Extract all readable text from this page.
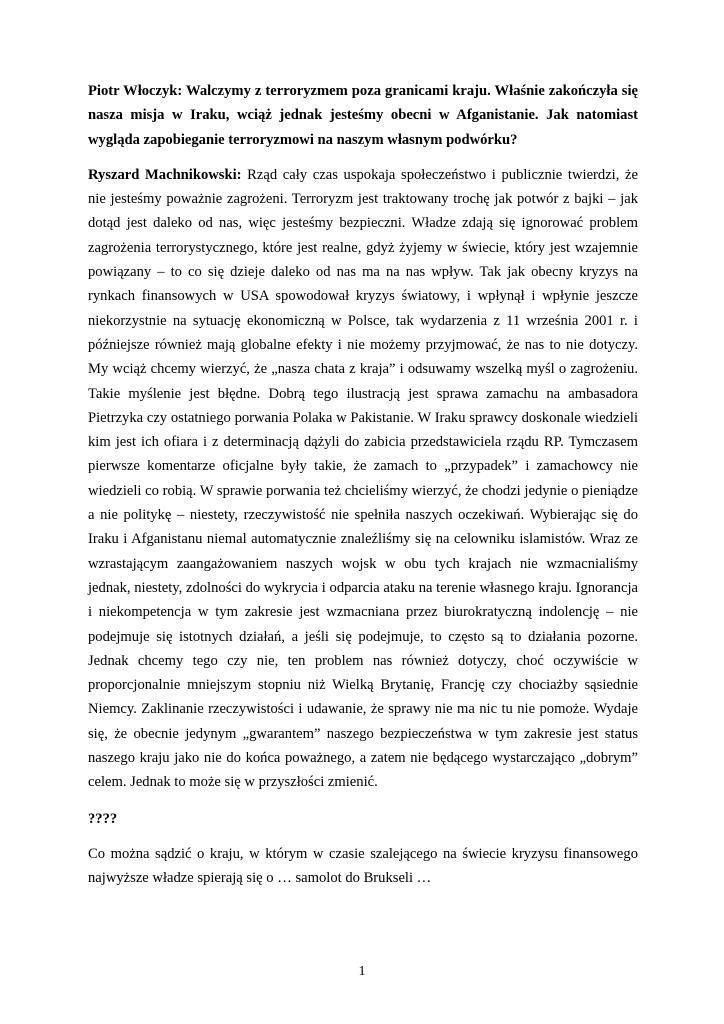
Piotr Włoczyk: Walczymy z terroryzmem poza granicami kraju. Właśnie zakończyła się nasza misja w Iraku, wciąż jednak jesteśmy obecni w Afganistanie. Jak natomiast wygląda zapobieganie terroryzmowi na naszym własnym podwórku?

Ryszard Machnikowski: Rząd cały czas uspokaja społeczeństwo i publicznie twierdzi, że nie jesteśmy poważnie zagrożeni. Terroryzm jest traktowany trochę jak potwór z bajki – jak dotąd jest daleko od nas, więc jesteśmy bezpieczni. Władze zdają się ignorować problem zagrożenia terrorystycznego, które jest realne, gdyż żyjemy w świecie, który jest wzajemnie powiązany – to co się dzieje daleko od nas ma na nas wpływ. Tak jak obecny kryzys na rynkach finansowych w USA spowodował kryzys światowy, i wpłynął i wpłynie jeszcze niekorzystnie na sytuację ekonomiczną w Polsce, tak wydarzenia z 11 września 2001 r. i późniejsze również mają globalne efekty i nie możemy przyjmować, że nas to nie dotyczy. My wciąż chcemy wierzyć, że „nasza chata z kraja” i odsuwamy wszelką myśl o zagrożeniu. Takie myślenie jest błędne. Dobrą tego ilustracją jest sprawa zamachu na ambasadora Pietrzyka czy ostatniego porwania Polaka w Pakistanie. W Iraku sprawcy doskonale wiedzieli kim jest ich ofiara i z determinacją dążyli do zabicia przedstawiciela rządu RP. Tymczasem pierwsze komentarze oficjalne były takie, że zamach to „przypadek” i zamachowcy nie wiedzieli co robią. W sprawie porwania też chcieliśmy wierzyć, że chodzi jedynie o pieniądze a nie politykę – niestety, rzeczywistość nie spełniła naszych oczekiwań. Wybierając się do Iraku i Afganistanu niemal automatycznie znaleźliśmy się na celowniku islamistów. Wraz ze wzrastającym zaangażowaniem naszych wojsk w obu tych krajach nie wzmacnialiśmy jednak, niestety, zdolności do wykrycia i odparcia ataku na terenie własnego kraju. Ignorancja i niekompetencja w tym zakresie jest wzmacniana przez biurokratyczną indolencję – nie podejmuje się istotnych działań, a jeśli się podejmuje, to często są to działania pozorne. Jednak chcemy tego czy nie, ten problem nas również dotyczy, choć oczywiście w proporcjonalnie mniejszym stopniu niż Wielką Brytanię, Francję czy chociażby sąsiednie Niemcy. Zaklinanie rzeczywistości i udawanie, że sprawy nie ma nic tu nie pomoże. Wydaje się, że obecnie jedynym „gwarantem” naszego bezpieczeństwa w tym zakresie jest status naszego kraju jako nie do końca poważnego, a zatem nie będącego wystarczająco „dobrym” celem. Jednak to może się w przyszłości zmienić.

????

Co można sądzić o kraju, w którym w czasie szalejącego na świecie kryzysu finansowego najwyższe władze spierają się o … samolot do Brukseli …

1
